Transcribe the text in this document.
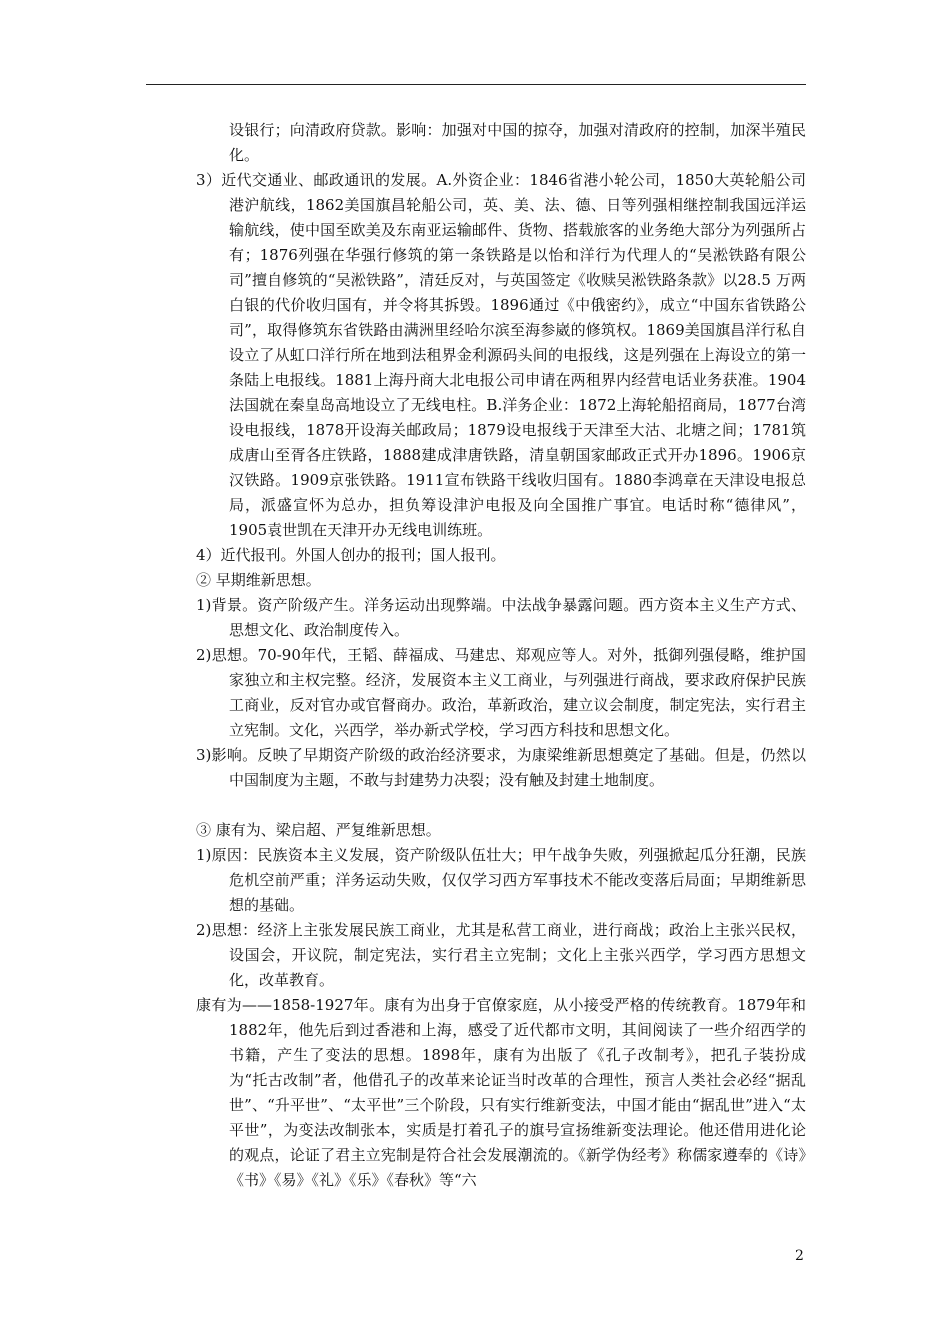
设银行；向清政府贷款。影响：加强对中国的掠夺，加强对清政府的控制，加深半殖民化。

3）近代交通业、邮政通讯的发展。A.外资企业：1846省港小轮公司，1850大英轮船公司港沪航线，1862美国旗昌轮船公司，英、美、法、德、日等列强相继控制我国远洋运输航线，使中国至欧美及东南亚运输邮件、货物、搭载旅客的业务绝大部分为列强所占有；1876列强在华强行修筑的第一条铁路是以怡和洋行为代理人的“吴淞铁路有限公司”擅自修筑的“吴淞铁路”，清廷反对，与英国签定《收赎吴淞铁路条款》以28.5 万两白银的代价收归国有，并令将其拆毁。1896通过《中俄密约》，成立“中国东省铁路公司”，取得修筑东省铁路由满洲里经哈尔滨至海参崴的修筑权。1869美国旗昌洋行私自设立了从虹口洋行所在地到法租界金利源码头间的电报线，这是列强在上海设立的第一条陆上电报线。1881上海丹商大北电报公司申请在两租界内经营电话业务获准。1904法国就在秦皇岛高地设立了无线电柱。B.洋务企业：1872上海轮船招商局，1877台湾设电报线，1878开设海关邮政局；1879设电报线于天津至大沽、北塘之间；1781筑成唐山至胥各庄铁路，1888建成津唐铁路，清皇朝国家邮政正式开办1896。1906京汉铁路。1909京张铁路。1911宣布铁路干线收归国有。1880李鸿章在天津设电报总局，派盛宣怀为总办，担负筹设津沪电报及向全国推广事宜。电话时称“德律风”，1905袁世凯在天津开办无线电训练班。

4）近代报刊。外国人创办的报刊；国人报刊。

② 早期维新思想。

1)背景。资产阶级产生。洋务运动出现弊端。中法战争暴露问题。西方资本主义生产方式、思想文化、政治制度传入。

2)思想。70-90年代，王韬、薛福成、马建忠、郑观应等人。对外，抵御列强侵略，维护国家独立和主权完整。经济，发展资本主义工商业，与列强进行商战，要求政府保护民族工商业，反对官办或官督商办。政治，革新政治，建立议会制度，制定宪法，实行君主立宪制。文化，兴西学，举办新式学校，学习西方科技和思想文化。

3)影响。反映了早期资产阶级的政治经济要求，为康梁维新思想奠定了基础。但是，仍然以中国制度为主题，不敢与封建势力决裂；没有触及封建土地制度。

③ 康有为、梁启超、严复维新思想。

1)原因：民族资本主义发展，资产阶级队伍壮大；甲午战争失败，列强掀起瓜分狂潮，民族危机空前严重；洋务运动失败，仅仅学习西方军事技术不能改变落后局面；早期维新思想的基础。

2)思想：经济上主张发展民族工商业，尤其是私营工商业，进行商战；政治上主张兴民权，设国会，开议院，制定宪法，实行君主立宪制；文化上主张兴西学，学习西方思想文化，改革教育。

康有为——1858-1927年。康有为出身于官僚家庭，从小接受严格的传统教育。1879年和1882年，他先后到过香港和上海，感受了近代都市文明，其间阅读了一些介绍西学的书籍，产生了变法的思想。1898年，康有为出版了《孔子改制考》，把孔子装扮成为“托古改制”者，他借孔子的改革来论证当时改革的合理性，预言人类社会必经“据乱世”、“升平世”、“太平世”三个阶段，只有实行维新变法，中国才能由“据乱世”进入“太平世”，为变法改制张本，实质是打着孔子的旗号宣扬维新变法理论。他还借用进化论的观点，论证了君主立宪制是符合社会发展潮流的。《新学伪经考》称儒家遵奉的《诗》《书》《易》《礼》《乐》《春秋》等“六

2
